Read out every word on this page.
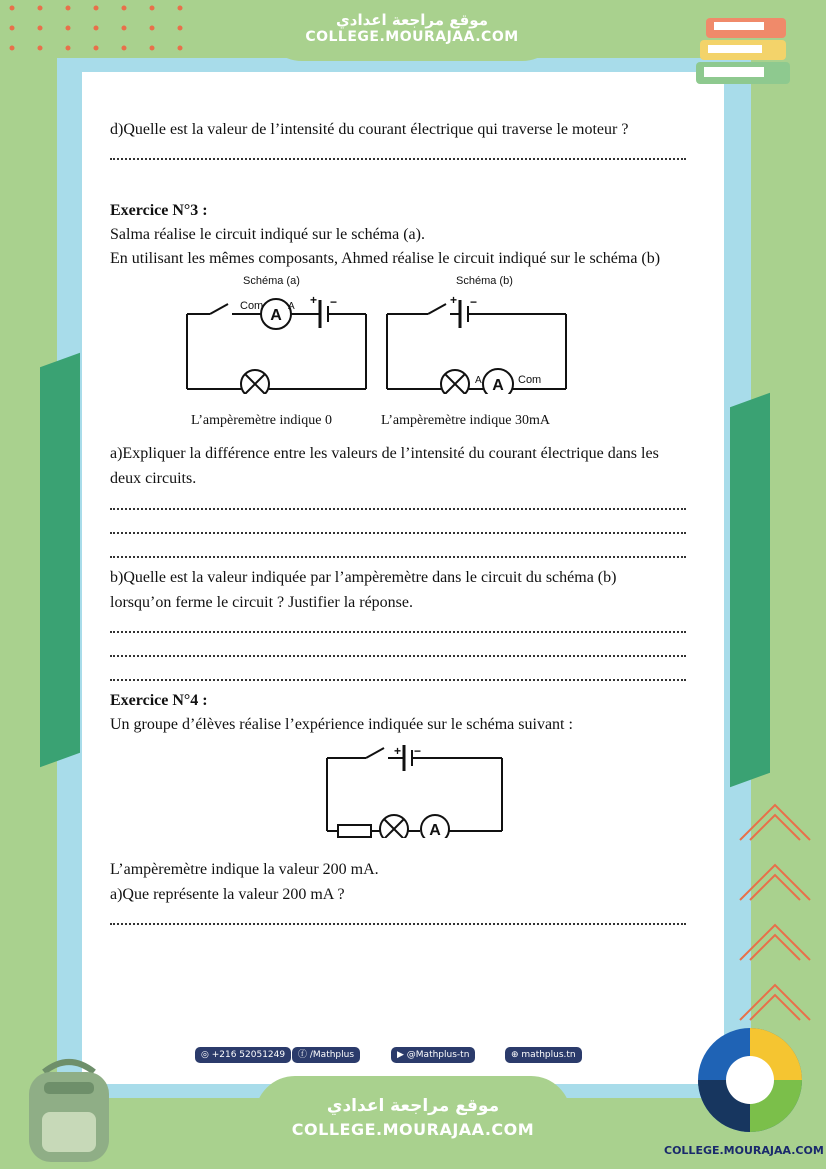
موقع مراجعة اعدادي
COLLEGE.MOURAJAA.COM
d)Quelle est la valeur de l’intensité du courant électrique qui traverse le moteur ?
Exercice N°3 :
Salma réalise le circuit indiqué sur le schéma (a).
En utilisant les mêmes composants, Ahmed réalise le circuit indiqué sur le schéma (b)
Schéma (a)	Schéma (b)
A
Com A + −
A
A	Com
+ −
L’ampèremètre indique 0	L’ampèremètre indique 30mA
a)Expliquer la différence entre les valeurs de l’intensité du courant électrique dans les
deux circuits.
b)Quelle est la valeur indiquée par l’ampèremètre dans le circuit du schéma (b)
lorsqu’on ferme le circuit ? Justifier la réponse.
Exercice N°4 :
Un groupe d’élèves réalise l’expérience indiquée sur le schéma suivant :
A
+ −
L’ampèremètre indique la valeur 200 mA.
a)Que représente la valeur 200 mA ?
◎ +216 52051249	ⓕ /Mathplus	▶ @Mathplus-tn	⊕ mathplus.tn
موقع مراجعة اعدادي
COLLEGE.MOURAJAA.COM
COLLEGE.MOURAJAA.COM
